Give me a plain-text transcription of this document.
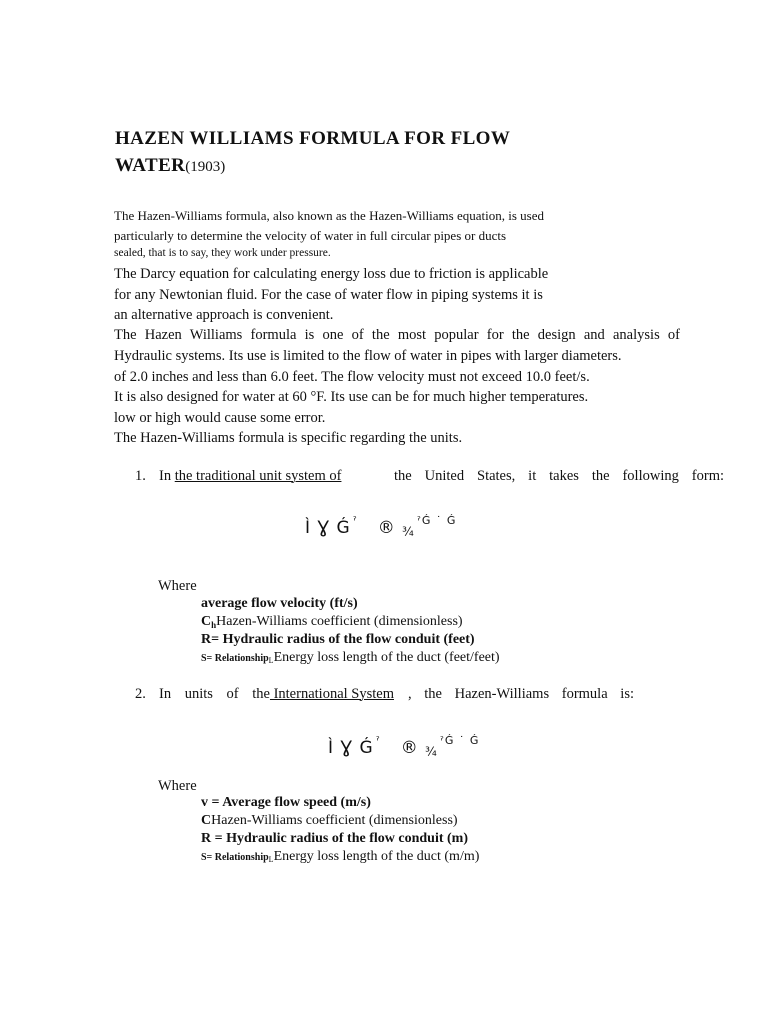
HAZEN WILLIAMS FORMULA FOR FLOW
WATER(1903)
The Hazen-Williams formula, also known as the Hazen-Williams equation, is used
particularly to determine the velocity of water in full circular pipes or ducts
sealed, that is to say, they work under pressure.
The Darcy equation for calculating energy loss due to friction is applicable
for any Newtonian fluid. For the case of water flow in piping systems it is
an alternative approach is convenient.
The Hazen Williams formula is one of the most popular for the design and analysis of
Hydraulic systems. Its use is limited to the flow of water in pipes with larger diameters.
of 2.0 inches and less than 6.0 feet. The flow velocity must not exceed 10.0 feet/s.
It is also designed for water at 60 °F. Its use can be for much higher temperatures.
low or high would cause some error.
The Hazen-Williams formula is specific regarding the units.
1. In the traditional unit system of	the United States, it takes the following form:
Ì Ɣ Ǵ $^ˀ$ ® ¾$^{ˀǴ ˙ Ǵ}$
Where
average flow velocity (ft/s)
$C_hHazen$-Williams coefficient (dimensionless)
R= Hydraulic radius of the flow conduit (feet)
S= RelationshipLEnergy loss length of the duct (feet/feet)
2. In units of the International System , the Hazen-Williams formula is:
Ì Ɣ Ǵ $^ˀ$ ® ¾$^{ˀǴ ˙ Ǵ}$
Where
v = Average flow speed (m/s)
CHazen-Williams coefficient (dimensionless)
R = Hydraulic radius of the flow conduit (m)
S= RelationshipLEnergy loss length of the duct (m/m)
